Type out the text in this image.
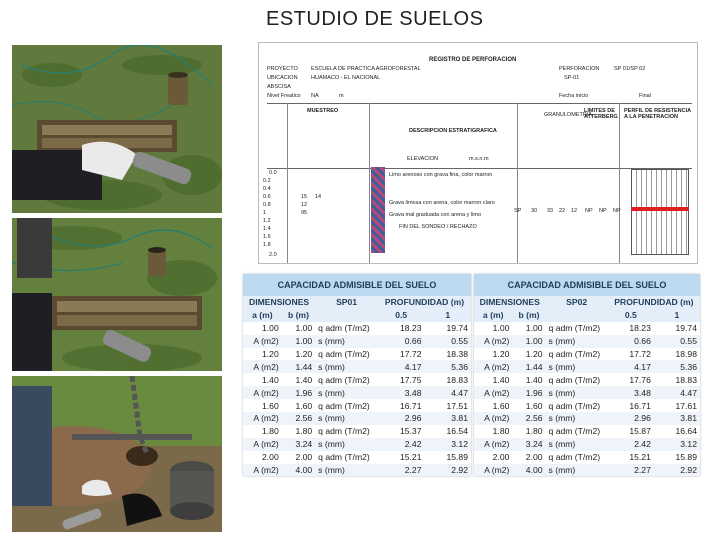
ESTUDIO DE SUELOS
REGISTRO DE PERFORACION
PROYECTO ESCUELA DE PRACTICA AGROFORESTAL
UBICACION HUAMACO - EL NACIONAL
ABSCISA
Nivel Freatico NA	m
PERFORACION
SP-01
SP 01/SP 02
Fecha inicio	Final
MUESTREO
DESCRIPCION ESTRATIGRAFICA
GRANULOMETRIA
LIMITES DE ATTERBERG
PERFIL DE RESISTENCIA A LA PENETRACION
ELEVACION	m.s.n.m
0.0
0.2
0.4
0.6
0.8
1
1.2
1.4
1.6
1.8
2.0
15 14
12
95
Limo arenoso con grava fina, color marron
Grava limosa con arena, color marron claro
Grava mal graduada con arena y limo
FIN DEL SONDEO / RECHAZO
SP 30 33 22 12 NP NP NP
CAPACIDAD ADMISIBLE DEL SUELO				
DIMENSIONES		SP01	PROFUNDIDAD (m)	
a (m)	b (m)		0.5	1
1.00	1.00	q adm (T/m2)	18.23	19.74
A (m2)	1.00	s (mm)	0.66	0.55
1.20	1.20	q adm (T/m2)	17.72	18.38
A (m2)	1.44	s (mm)	4.17	5.36
1.40	1.40	q adm (T/m2)	17.75	18.83
A (m2)	1.96	s (mm)	3.48	4.47
1.60	1.60	q adm (T/m2)	16.71	17.51
A (m2)	2.56	s (mm)	2.96	3.81
1.80	1.80	q adm (T/m2)	15.37	16.54
A (m2)	3.24	s (mm)	2.42	3.12
2.00	2.00	q adm (T/m2)	15.21	15.89
A (m2)	4.00	s (mm)	2.27	2.92
CAPACIDAD ADMISIBLE DEL SUELO				
DIMENSIONES		SP02	PROFUNDIDAD (m)	
a (m)	b (m)		0.5	1
1.00	1.00	q adm (T/m2)	18.23	19.74
A (m2)	1.00	s (mm)	0.66	0.55
1.20	1.20	q adm (T/m2)	17.72	18.98
A (m2)	1.44	s (mm)	4.17	5.36
1.40	1.40	q adm (T/m2)	17.76	18.83
A (m2)	1.96	s (mm)	3.48	4.47
1.60	1.60	q adm (T/m2)	16.71	17.61
A (m2)	2.56	s (mm)	2.96	3.81
1.80	1.80	q adm (T/m2)	15.87	16.64
A (m2)	3.24	s (mm)	2.42	3.12
2.00	2.00	q adm (T/m2)	15.21	15.89
A (m2)	4.00	s (mm)	2.27	2.92
